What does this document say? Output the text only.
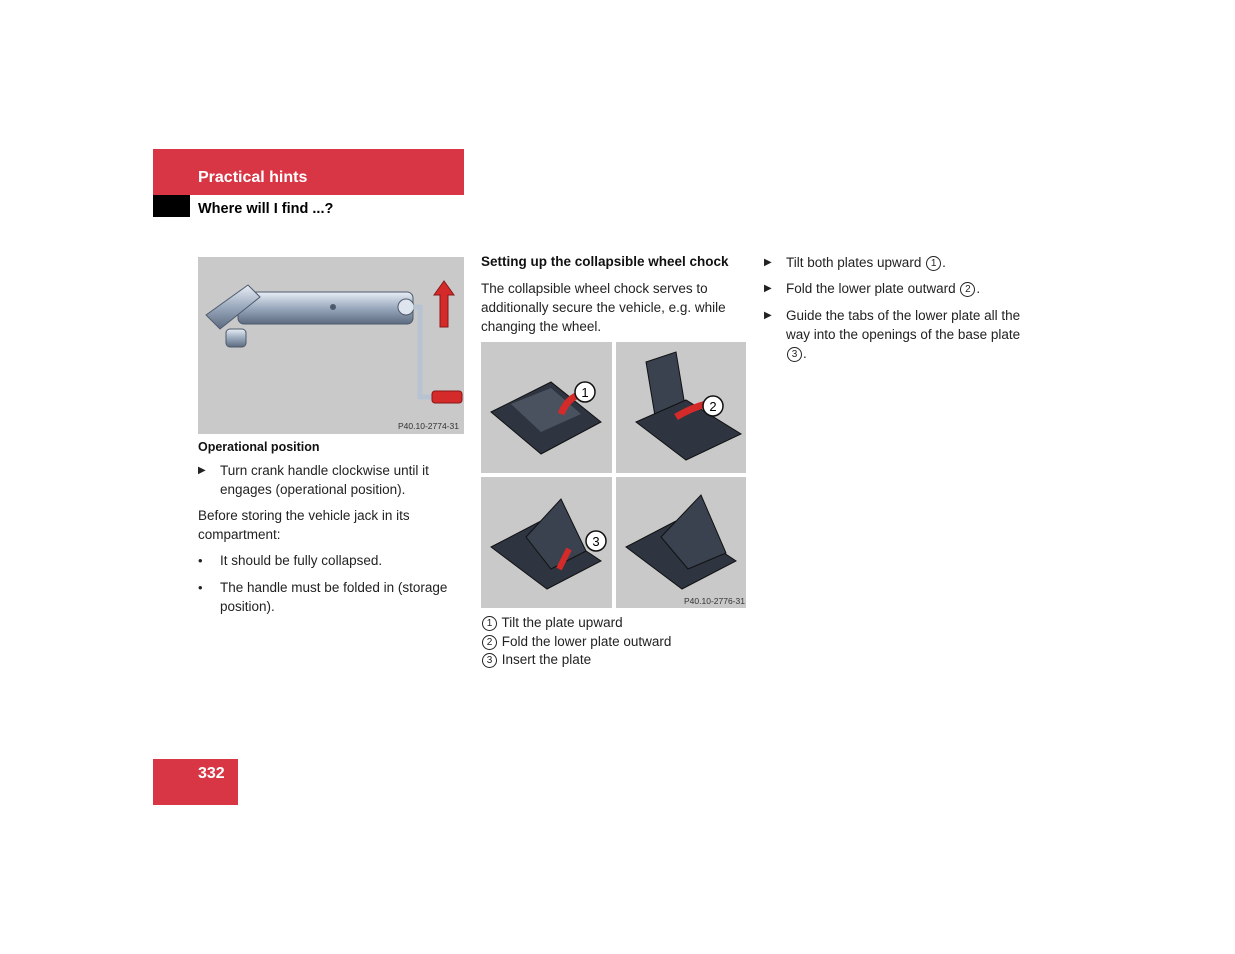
Practical hints
Where will I find ...?
P40.10-2774-31
Operational position
▶	Turn crank handle clockwise until it engages (operational position).
Before storing the vehicle jack in its compartment:
•	It should be fully collapsed.
•	The handle must be folded in (storage position).
Setting up the collapsible wheel chock
The collapsible wheel chock serves to additionally secure the vehicle, e.g. while changing the wheel.
1
2
3
P40.10-2776-31
1 Tilt the plate upward
2 Fold the lower plate outward
3 Insert the plate
▶	Tilt both plates upward 1 .
▶	Fold the lower plate outward 2 .
▶	Guide the tabs of the lower plate all the way into the openings of the base plate 3 .
332
